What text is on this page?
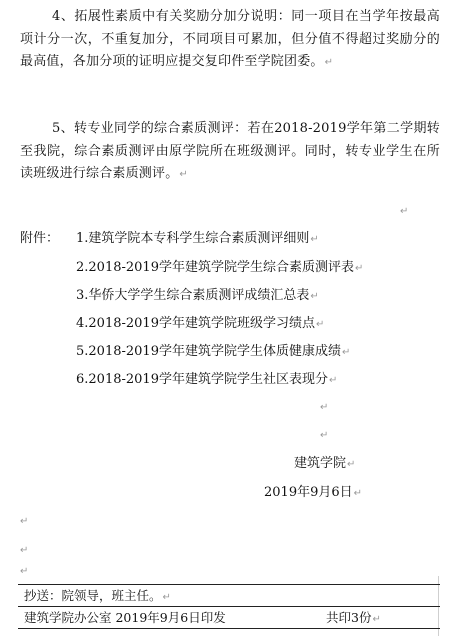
4、拓展性素质中有关奖励分加分说明：同一项目在当学年按最高项计分一次，不重复加分，不同项目可累加，但分值不得超过奖励分的最高值，各加分项的证明应提交复印件至学院团委。↵
5、转专业同学的综合素质测评：若在2018-2019学年第二学期转至我院，综合素质测评由原学院所在班级测评。同时，转专业学生在所读班级进行综合素质测评。↵
↵
附件： 1.建筑学院本专科学生综合素质测评细则↵
2.2018-2019学年建筑学院学生综合素质测评表↵
3.华侨大学学生综合素质测评成绩汇总表↵
4.2018-2019学年建筑学院班级学习绩点↵
5.2018-2019学年建筑学院学生体质健康成绩↵
6.2018-2019学年建筑学院学生社区表现分↵
↵
↵
建筑学院↵
2019年9月6日↵
↵
↵
↵
抄送：院领导，班主任。↵
建筑学院办公室 2019年9月6日印发	共印3份↵
